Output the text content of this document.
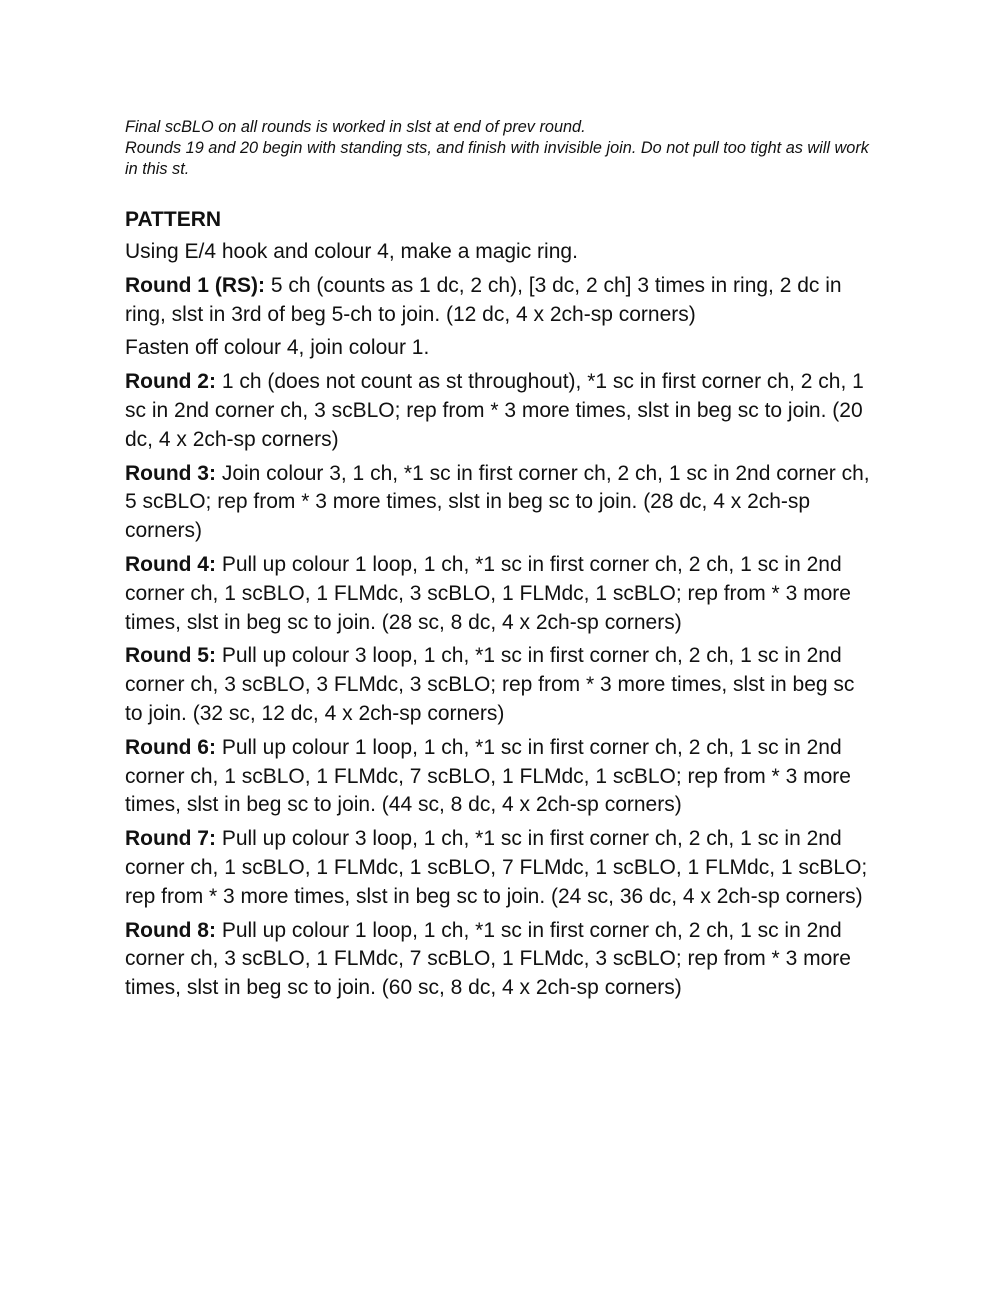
Final scBLO on all rounds is worked in slst at end of prev round.

Rounds 19 and 20 begin with standing sts, and finish with invisible join. Do not pull too tight as will work in this st.

PATTERN

Using E/4 hook and colour 4, make a magic ring.

Round 1 (RS): 5 ch (counts as 1 dc, 2 ch), [3 dc, 2 ch] 3 times in ring, 2 dc in ring, slst in 3rd of beg 5-ch to join. (12 dc, 4 x 2ch-sp corners)

Fasten off colour 4, join colour 1.

Round 2: 1 ch (does not count as st throughout), *1 sc in first corner ch, 2 ch, 1 sc in 2nd corner ch, 3 scBLO; rep from * 3 more times, slst in beg sc to join. (20 dc, 4 x 2ch-sp corners)

Round 3: Join colour 3, 1 ch, *1 sc in first corner ch, 2 ch, 1 sc in 2nd corner ch, 5 scBLO; rep from * 3 more times, slst in beg sc to join. (28 dc, 4 x 2ch-sp corners)

Round 4: Pull up colour 1 loop, 1 ch, *1 sc in first corner ch, 2 ch, 1 sc in 2nd corner ch, 1 scBLO, 1 FLMdc, 3 scBLO, 1 FLMdc, 1 scBLO; rep from * 3 more times, slst in beg sc to join. (28 sc, 8 dc, 4 x 2ch-sp corners)

Round 5: Pull up colour 3 loop, 1 ch, *1 sc in first corner ch, 2 ch, 1 sc in 2nd corner ch, 3 scBLO, 3 FLMdc, 3 scBLO; rep from * 3 more times, slst in beg sc to join. (32 sc, 12 dc, 4 x 2ch-sp corners)

Round 6: Pull up colour 1 loop, 1 ch, *1 sc in first corner ch, 2 ch, 1 sc in 2nd corner ch, 1 scBLO, 1 FLMdc, 7 scBLO, 1 FLMdc, 1 scBLO; rep from * 3 more times, slst in beg sc to join. (44 sc, 8 dc, 4 x 2ch-sp corners)

Round 7: Pull up colour 3 loop, 1 ch, *1 sc in first corner ch, 2 ch, 1 sc in 2nd corner ch, 1 scBLO, 1 FLMdc, 1 scBLO, 7 FLMdc, 1 scBLO, 1 FLMdc, 1 scBLO; rep from * 3 more times, slst in beg sc to join. (24 sc, 36 dc, 4 x 2ch-sp corners)

Round 8: Pull up colour 1 loop, 1 ch, *1 sc in first corner ch, 2 ch, 1 sc in 2nd corner ch, 3 scBLO, 1 FLMdc, 7 scBLO, 1 FLMdc, 3 scBLO; rep from * 3 more times, slst in beg sc to join. (60 sc, 8 dc, 4 x 2ch-sp corners)
